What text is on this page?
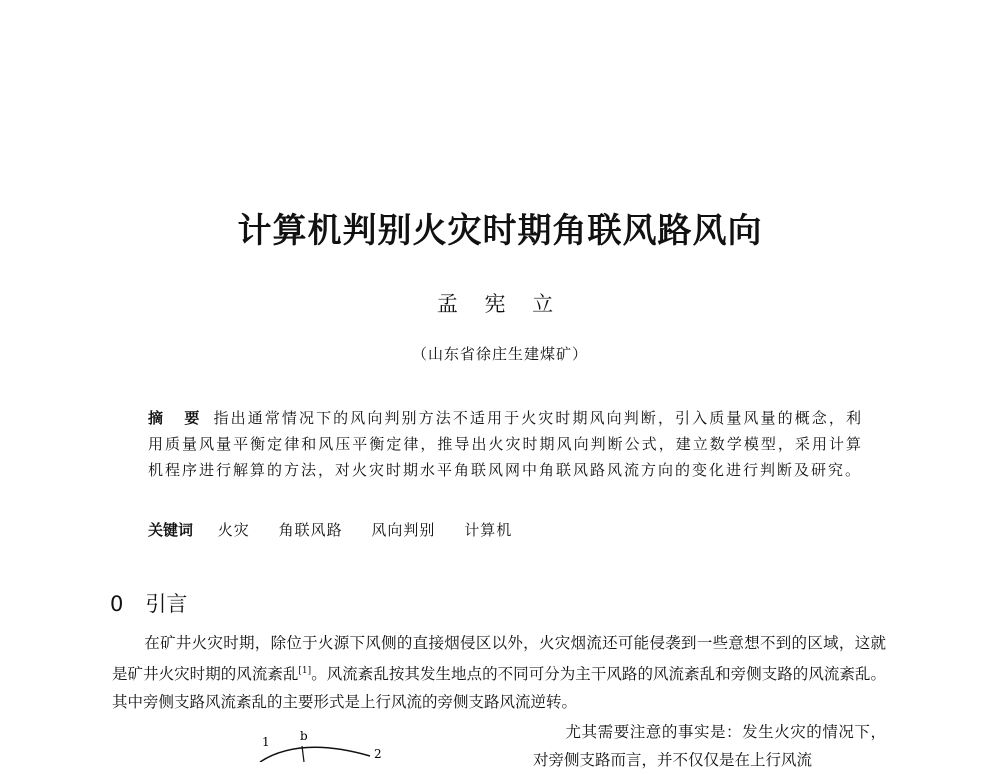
计算机判别火灾时期角联风路风向
孟 宪 立
（山东省徐庄生建煤矿）
摘 要 指出通常情况下的风向判别方法不适用于火灾时期风向判断，引入质量风量的概念，利用质量风量平衡定律和风压平衡定律，推导出火灾时期风向判断公式，建立数学模型，采用计算机程序进行解算的方法，对火灾时期水平角联风网中角联风路风流方向的变化进行判断及研究。
关键词 火灾 角联风路 风向判别 计算机
0 引言
在矿井火灾时期，除位于火源下风侧的直接烟侵区以外，火灾烟流还可能侵袭到一些意想不到的区域，这就是矿井火灾时期的风流紊乱[1]。风流紊乱按其发生地点的不同可分为主干风路的风流紊乱和旁侧支路的风流紊乱。其中旁侧支路风流紊乱的主要形式是上行风流的旁侧支路风流逆转。
尤其需要注意的事实是：发生火灾的情况下，对旁侧支路而言，并不仅仅是在上行风流
1	b
2
